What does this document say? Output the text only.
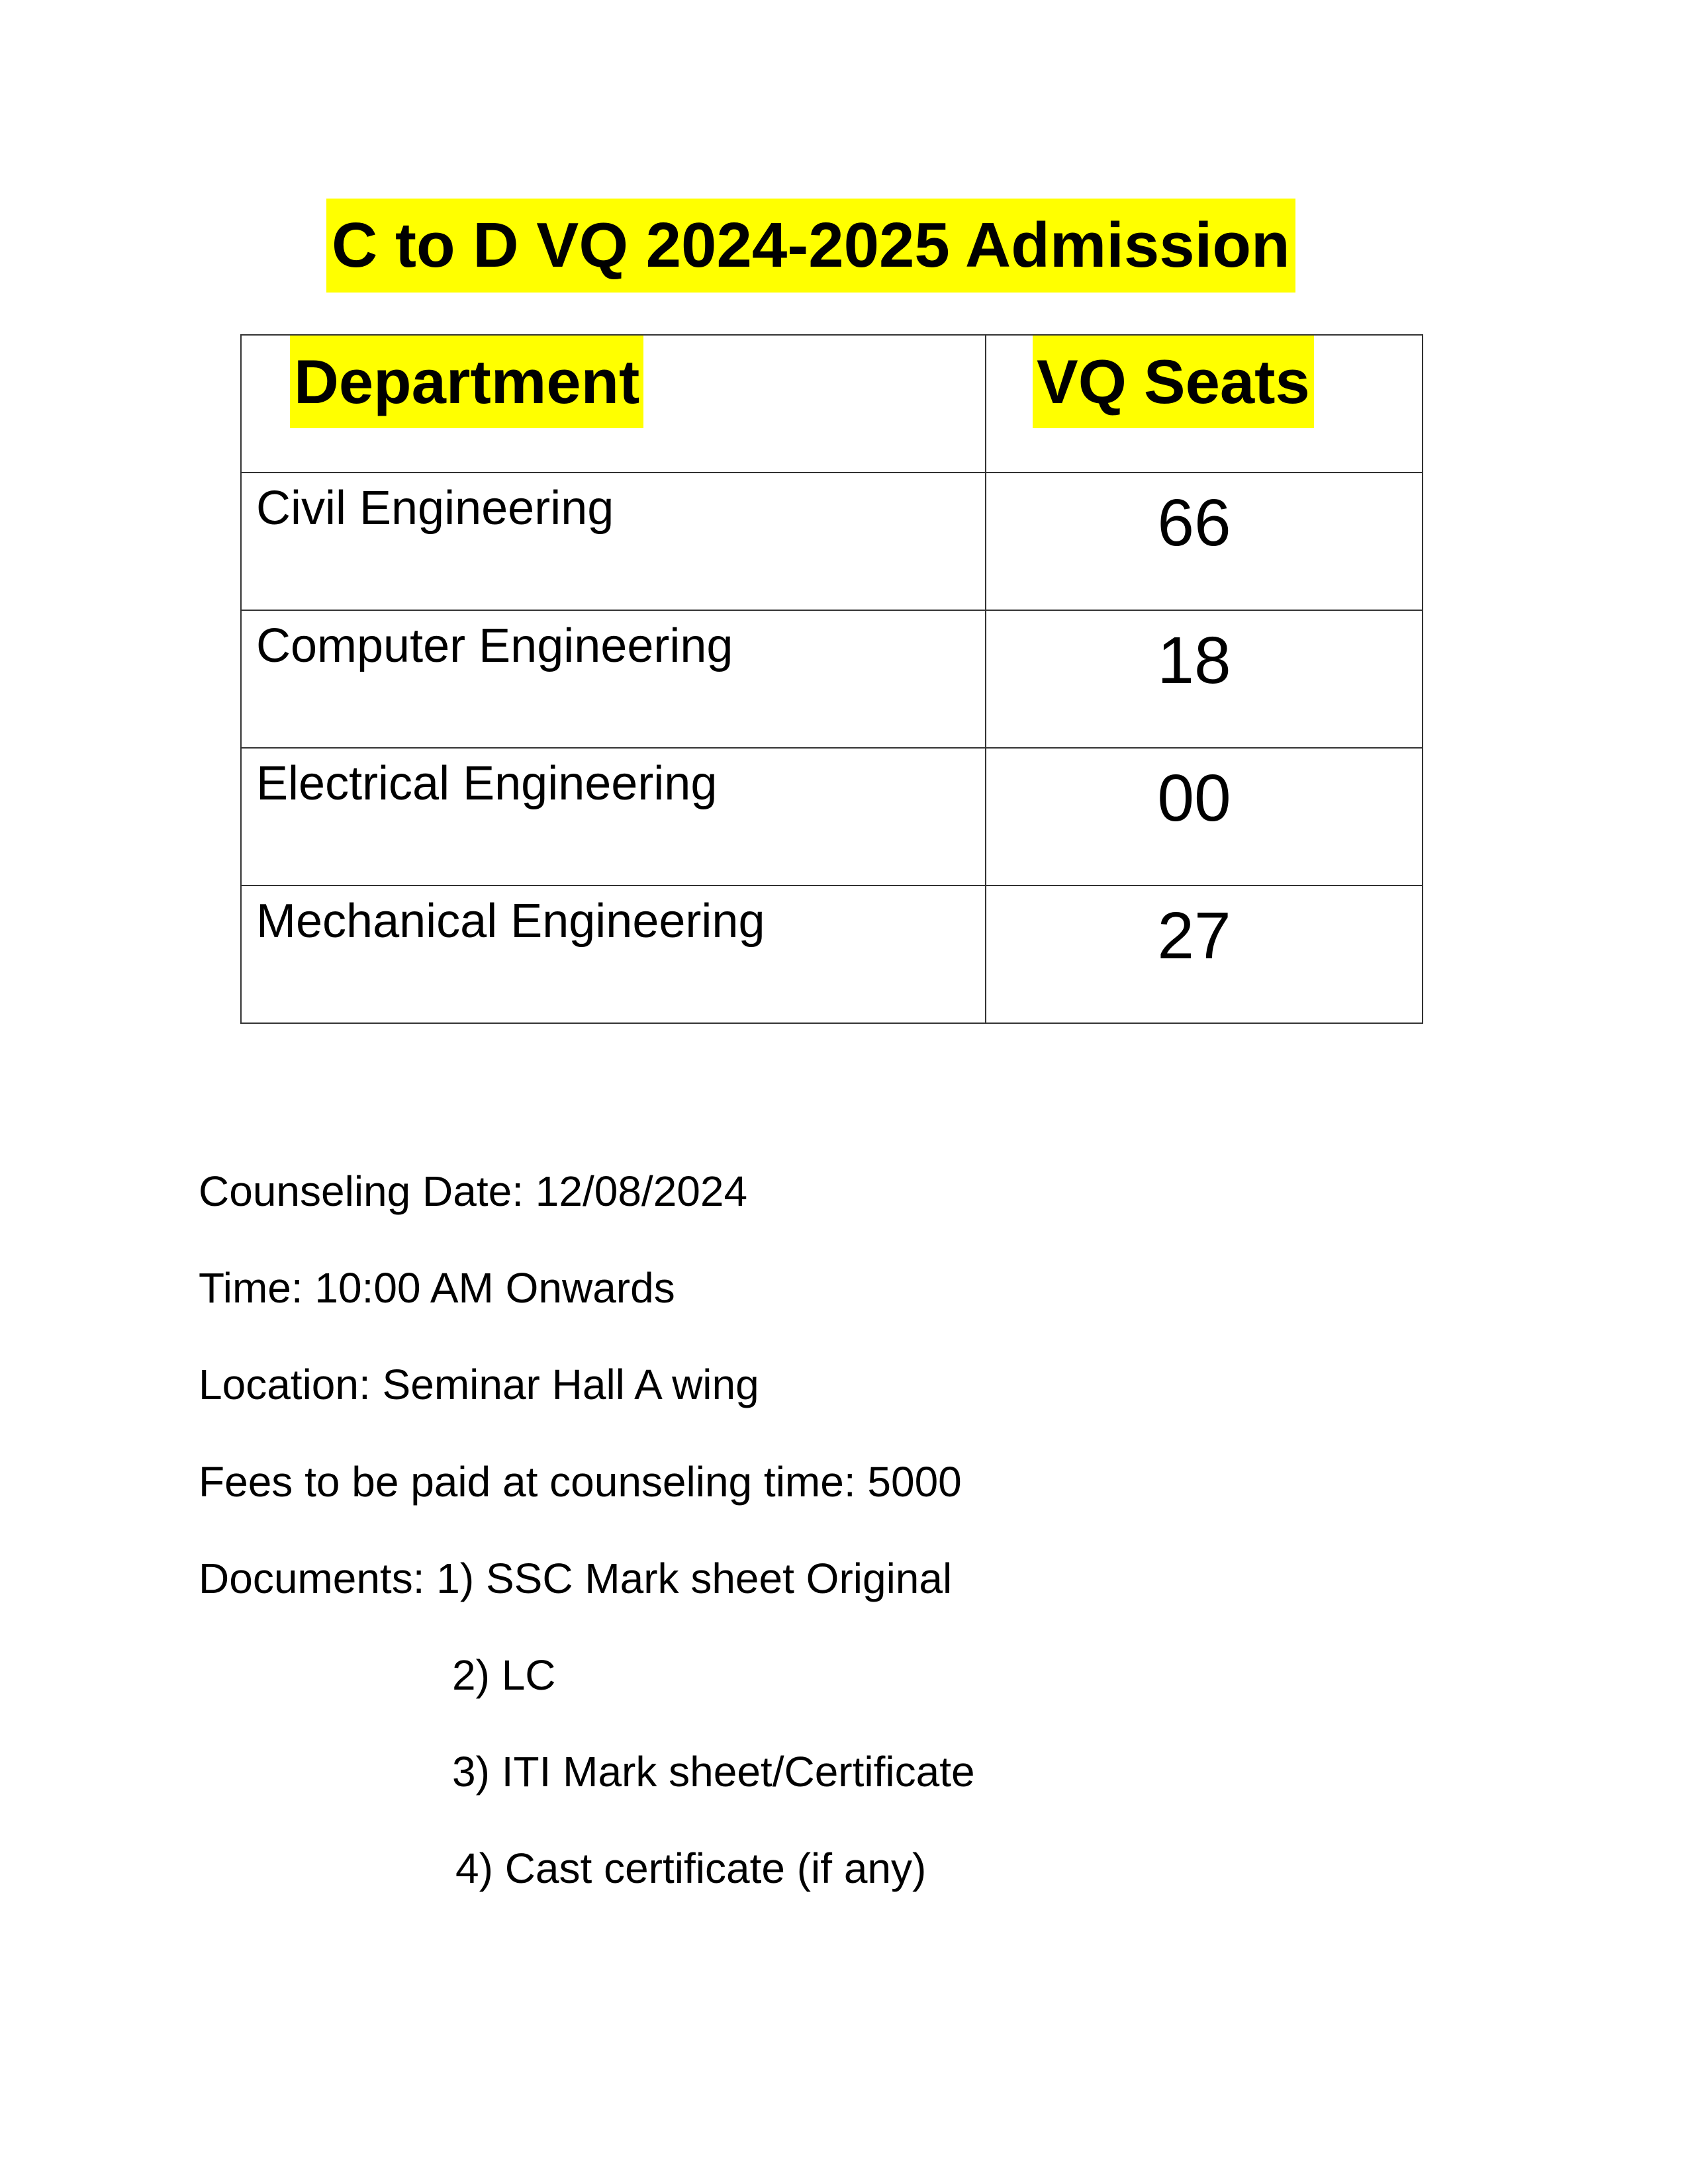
C to D VQ 2024-2025 Admission
Department	VQ Seats

Civil Engineering	66

Computer Engineering	18

Electrical Engineering	00

Mechanical Engineering	27
Counseling Date: 12/08/2024
Time: 10:00 AM Onwards
Location: Seminar Hall A wing
Fees to be paid at counseling time: 5000
Documents: 1) SSC Mark sheet Original
2) LC
3) ITI Mark sheet/Certificate
4) Cast certificate (if any)
